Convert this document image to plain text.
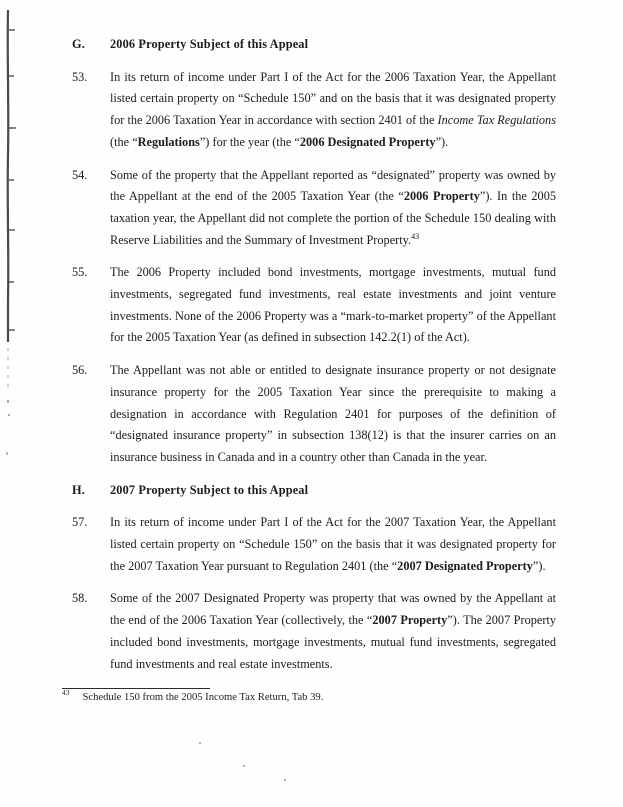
G.	2006 Property Subject of this Appeal
53.	In its return of income under Part I of the Act for the 2006 Taxation Year, the Appellant listed certain property on “Schedule 150” and on the basis that it was designated property for the 2006 Taxation Year in accordance with section 2401 of the Income Tax Regulations (the “Regulations”) for the year (the “2006 Designated Property”).
54.	Some of the property that the Appellant reported as “designated” property was owned by the Appellant at the end of the 2005 Taxation Year (the “2006 Property”). In the 2005 taxation year, the Appellant did not complete the portion of the Schedule 150 dealing with Reserve Liabilities and the Summary of Investment Property.$^{43}$
55.	The 2006 Property included bond investments, mortgage investments, mutual fund investments, segregated fund investments, real estate investments and joint venture investments. None of the 2006 Property was a “mark-to-market property” of the Appellant for the 2005 Taxation Year (as defined in subsection 142.2(1) of the Act).
56.	The Appellant was not able or entitled to designate insurance property or not designate insurance property for the 2005 Taxation Year since the prerequisite to making a designation in accordance with Regulation 2401 for purposes of the definition of “designated insurance property” in subsection 138(12) is that the insurer carries on an insurance business in Canada and in a country other than Canada in the year.
H.	2007 Property Subject to this Appeal
57.	In its return of income under Part I of the Act for the 2007 Taxation Year, the Appellant listed certain property on “Schedule 150” on the basis that it was designated property for the 2007 Taxation Year pursuant to Regulation 2401 (the “2007 Designated Property”).
58.	Some of the 2007 Designated Property was property that was owned by the Appellant at the end of the 2006 Taxation Year (collectively, the “2007 Property”). The 2007 Property included bond investments, mortgage investments, mutual fund investments, segregated fund investments and real estate investments.

$^{43}$ Schedule 150 from the 2005 Income Tax Return, Tab 39.
